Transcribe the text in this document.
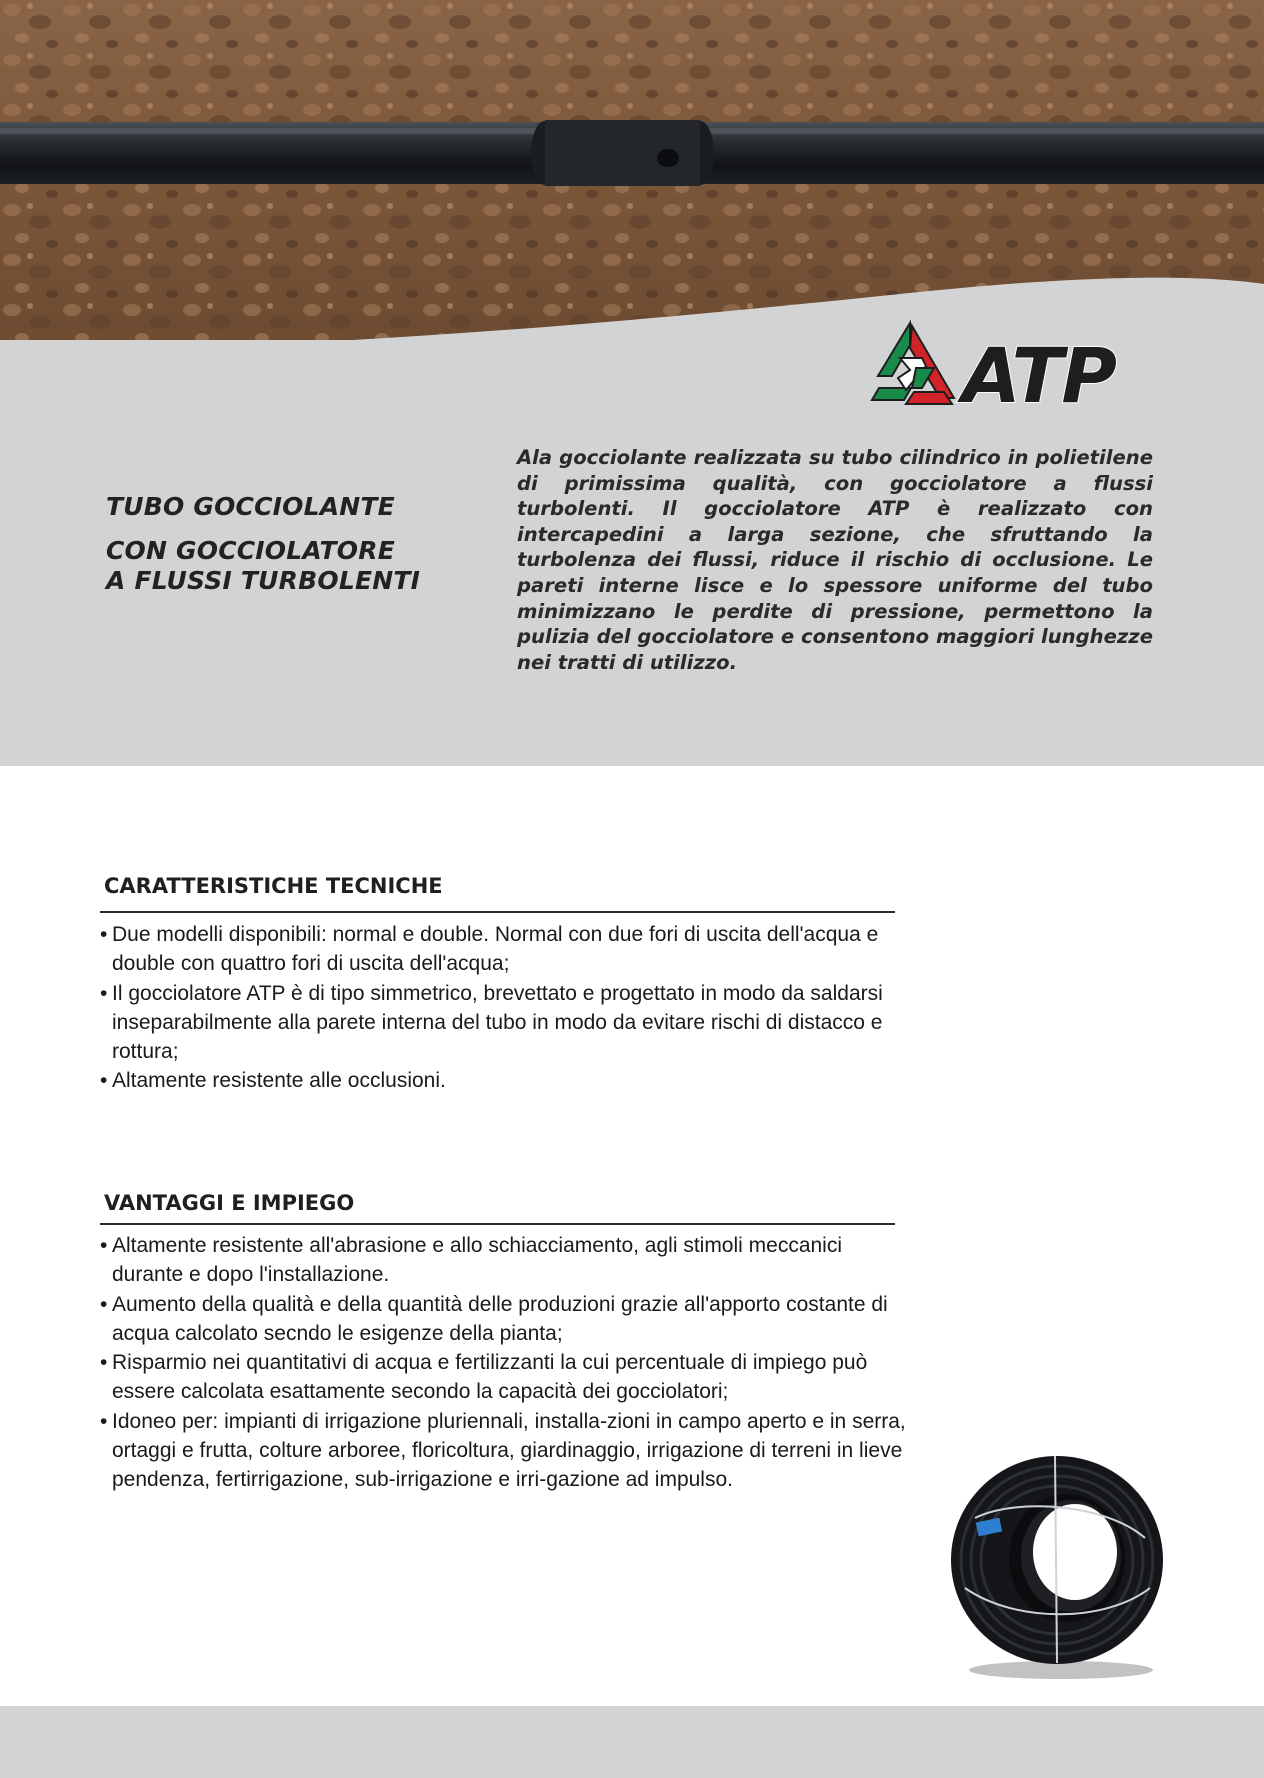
ATP
TUBO GOCCIOLANTE
CON GOCCIOLATORE
A FLUSSI TURBOLENTI
Ala gocciolante realizzata su tubo cilindrico in polietilene di primissima qualità, con gocciolatore a flussi turbolenti. Il gocciolatore ATP è realizzato con intercapedini a larga sezione, che sfruttando la turbolenza dei flussi, riduce il rischio di occlusione. Le pareti interne lisce e lo spessore uniforme del tubo minimizzano le perdite di pressione, permettono la pulizia del gocciolatore e consentono maggiori lunghezze nei tratti di utilizzo.
CARATTERISTICHE TECNICHE
• Due modelli disponibili: normal e double. Normal con due fori di uscita dell'acqua e double con quattro fori di uscita dell'acqua;
• Il gocciolatore ATP è di tipo simmetrico, brevettato e progettato in modo da saldarsi inseparabilmente alla parete interna del tubo in modo da evitare rischi di distacco e rottura;
• Altamente resistente alle occlusioni.
VANTAGGI E IMPIEGO
• Altamente resistente all'abrasione e allo schiacciamento, agli stimoli meccanici durante e dopo l'installazione.
• Aumento della qualità e della quantità delle produzioni grazie all'apporto costante di acqua calcolato secndo le esigenze della pianta;
• Risparmio nei quantitativi di acqua e fertilizzanti la cui percentuale di impiego può essere calcolata esattamente secondo la capacità dei gocciolatori;
• Idoneo per: impianti di irrigazione pluriennali, installa-zioni in campo aperto e in serra, ortaggi e frutta, colture arboree, floricoltura, giardinaggio, irrigazione di terreni in lieve pendenza, fertirrigazione, sub-irrigazione e irri-gazione ad impulso.
